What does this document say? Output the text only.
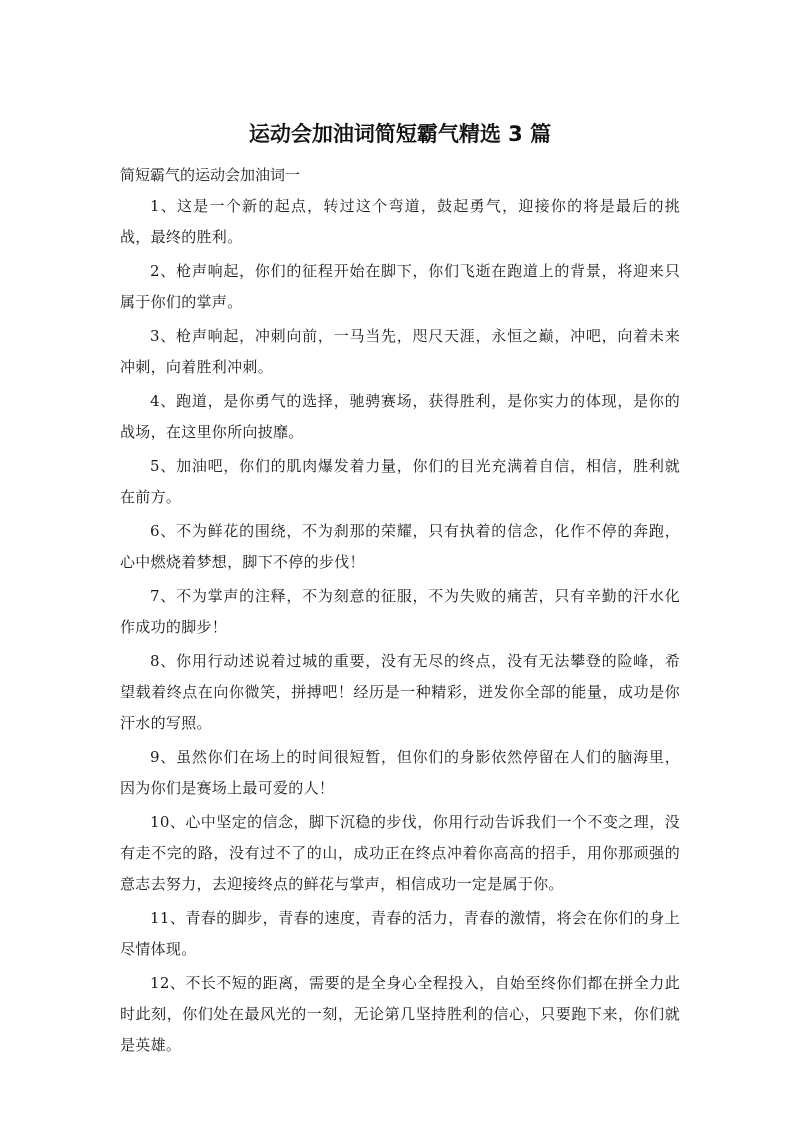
运动会加油词简短霸气精选 3 篇

简短霸气的运动会加油词一

1、这是一个新的起点，转过这个弯道，鼓起勇气，迎接你的将是最后的挑战，最终的胜利。

2、枪声响起，你们的征程开始在脚下，你们飞逝在跑道上的背景，将迎来只属于你们的掌声。

3、枪声响起，冲刺向前，一马当先，咫尺天涯，永恒之巅，冲吧，向着未来冲刺，向着胜利冲刺。

4、跑道，是你勇气的选择，驰骋赛场，获得胜利，是你实力的体现，是你的战场，在这里你所向披靡。

5、加油吧，你们的肌肉爆发着力量，你们的目光充满着自信，相信，胜利就在前方。

6、不为鲜花的围绕，不为刹那的荣耀，只有执着的信念，化作不停的奔跑，心中燃烧着梦想，脚下不停的步伐！

7、不为掌声的注释，不为刻意的征服，不为失败的痛苦，只有辛勤的汗水化作成功的脚步！

8、你用行动述说着过城的重要，没有无尽的终点，没有无法攀登的险峰，希望载着终点在向你微笑，拼搏吧！经历是一种精彩，迸发你全部的能量，成功是你汗水的写照。

9、虽然你们在场上的时间很短暂，但你们的身影依然停留在人们的脑海里，因为你们是赛场上最可爱的人！

10、心中坚定的信念，脚下沉稳的步伐，你用行动告诉我们一个不变之理，没有走不完的路，没有过不了的山，成功正在终点冲着你高高的招手，用你那顽强的意志去努力，去迎接终点的鲜花与掌声，相信成功一定是属于你。

11、青春的脚步，青春的速度，青春的活力，青春的激情，将会在你们的身上尽情体现。

12、不长不短的距离，需要的是全身心全程投入，自始至终你们都在拼全力此时此刻，你们处在最风光的一刻，无论第几坚持胜利的信心，只要跑下来，你们就是英雄。
